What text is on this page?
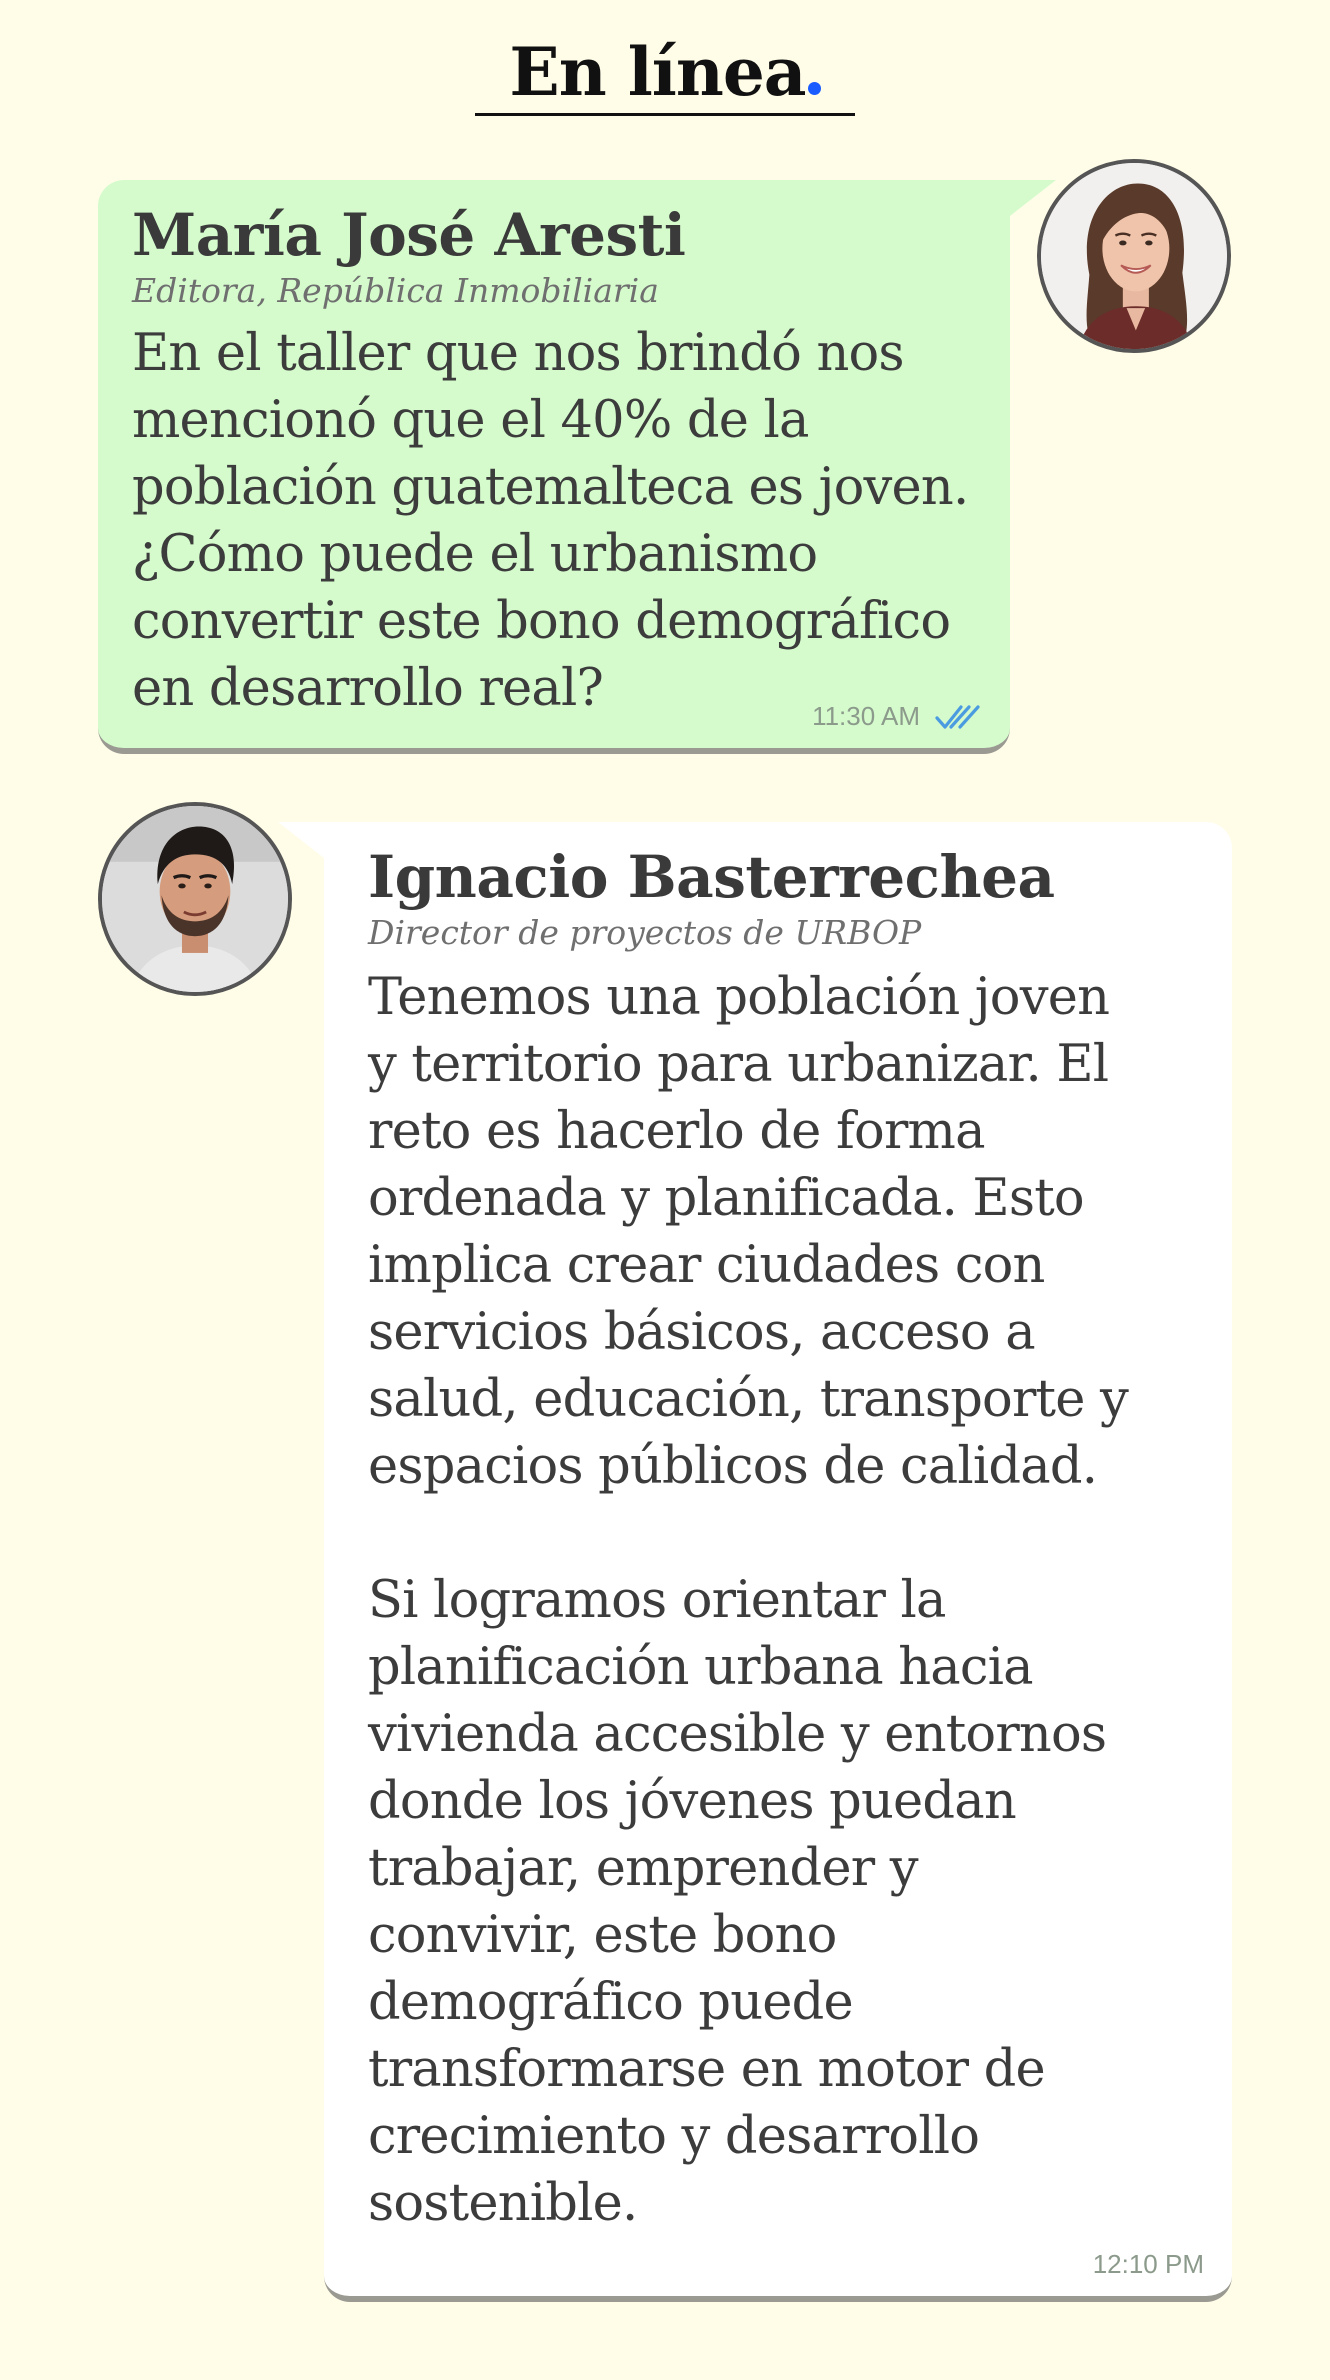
En línea
María José Aresti
Editora, República Inmobiliaria
En el taller que nos brindó nos
mencionó que el 40% de la
población guatemalteca es joven.
¿Cómo puede el urbanismo
convertir este bono demográfico
en desarrollo real?	11:30 AM
Ignacio Basterrechea
Director de proyectos de URBOP
Tenemos una población joven
y territorio para urbanizar. El
reto es hacerlo de forma
ordenada y planificada. Esto
implica crear ciudades con
servicios básicos, acceso a
salud, educación, transporte y
espacios públicos de calidad.

Si logramos orientar la
planificación urbana hacia
vivienda accesible y entornos
donde los jóvenes puedan
trabajar, emprender y
convivir, este bono
demográfico puede
transformarse en motor de
crecimiento y desarrollo
sostenible.
12:10 PM
